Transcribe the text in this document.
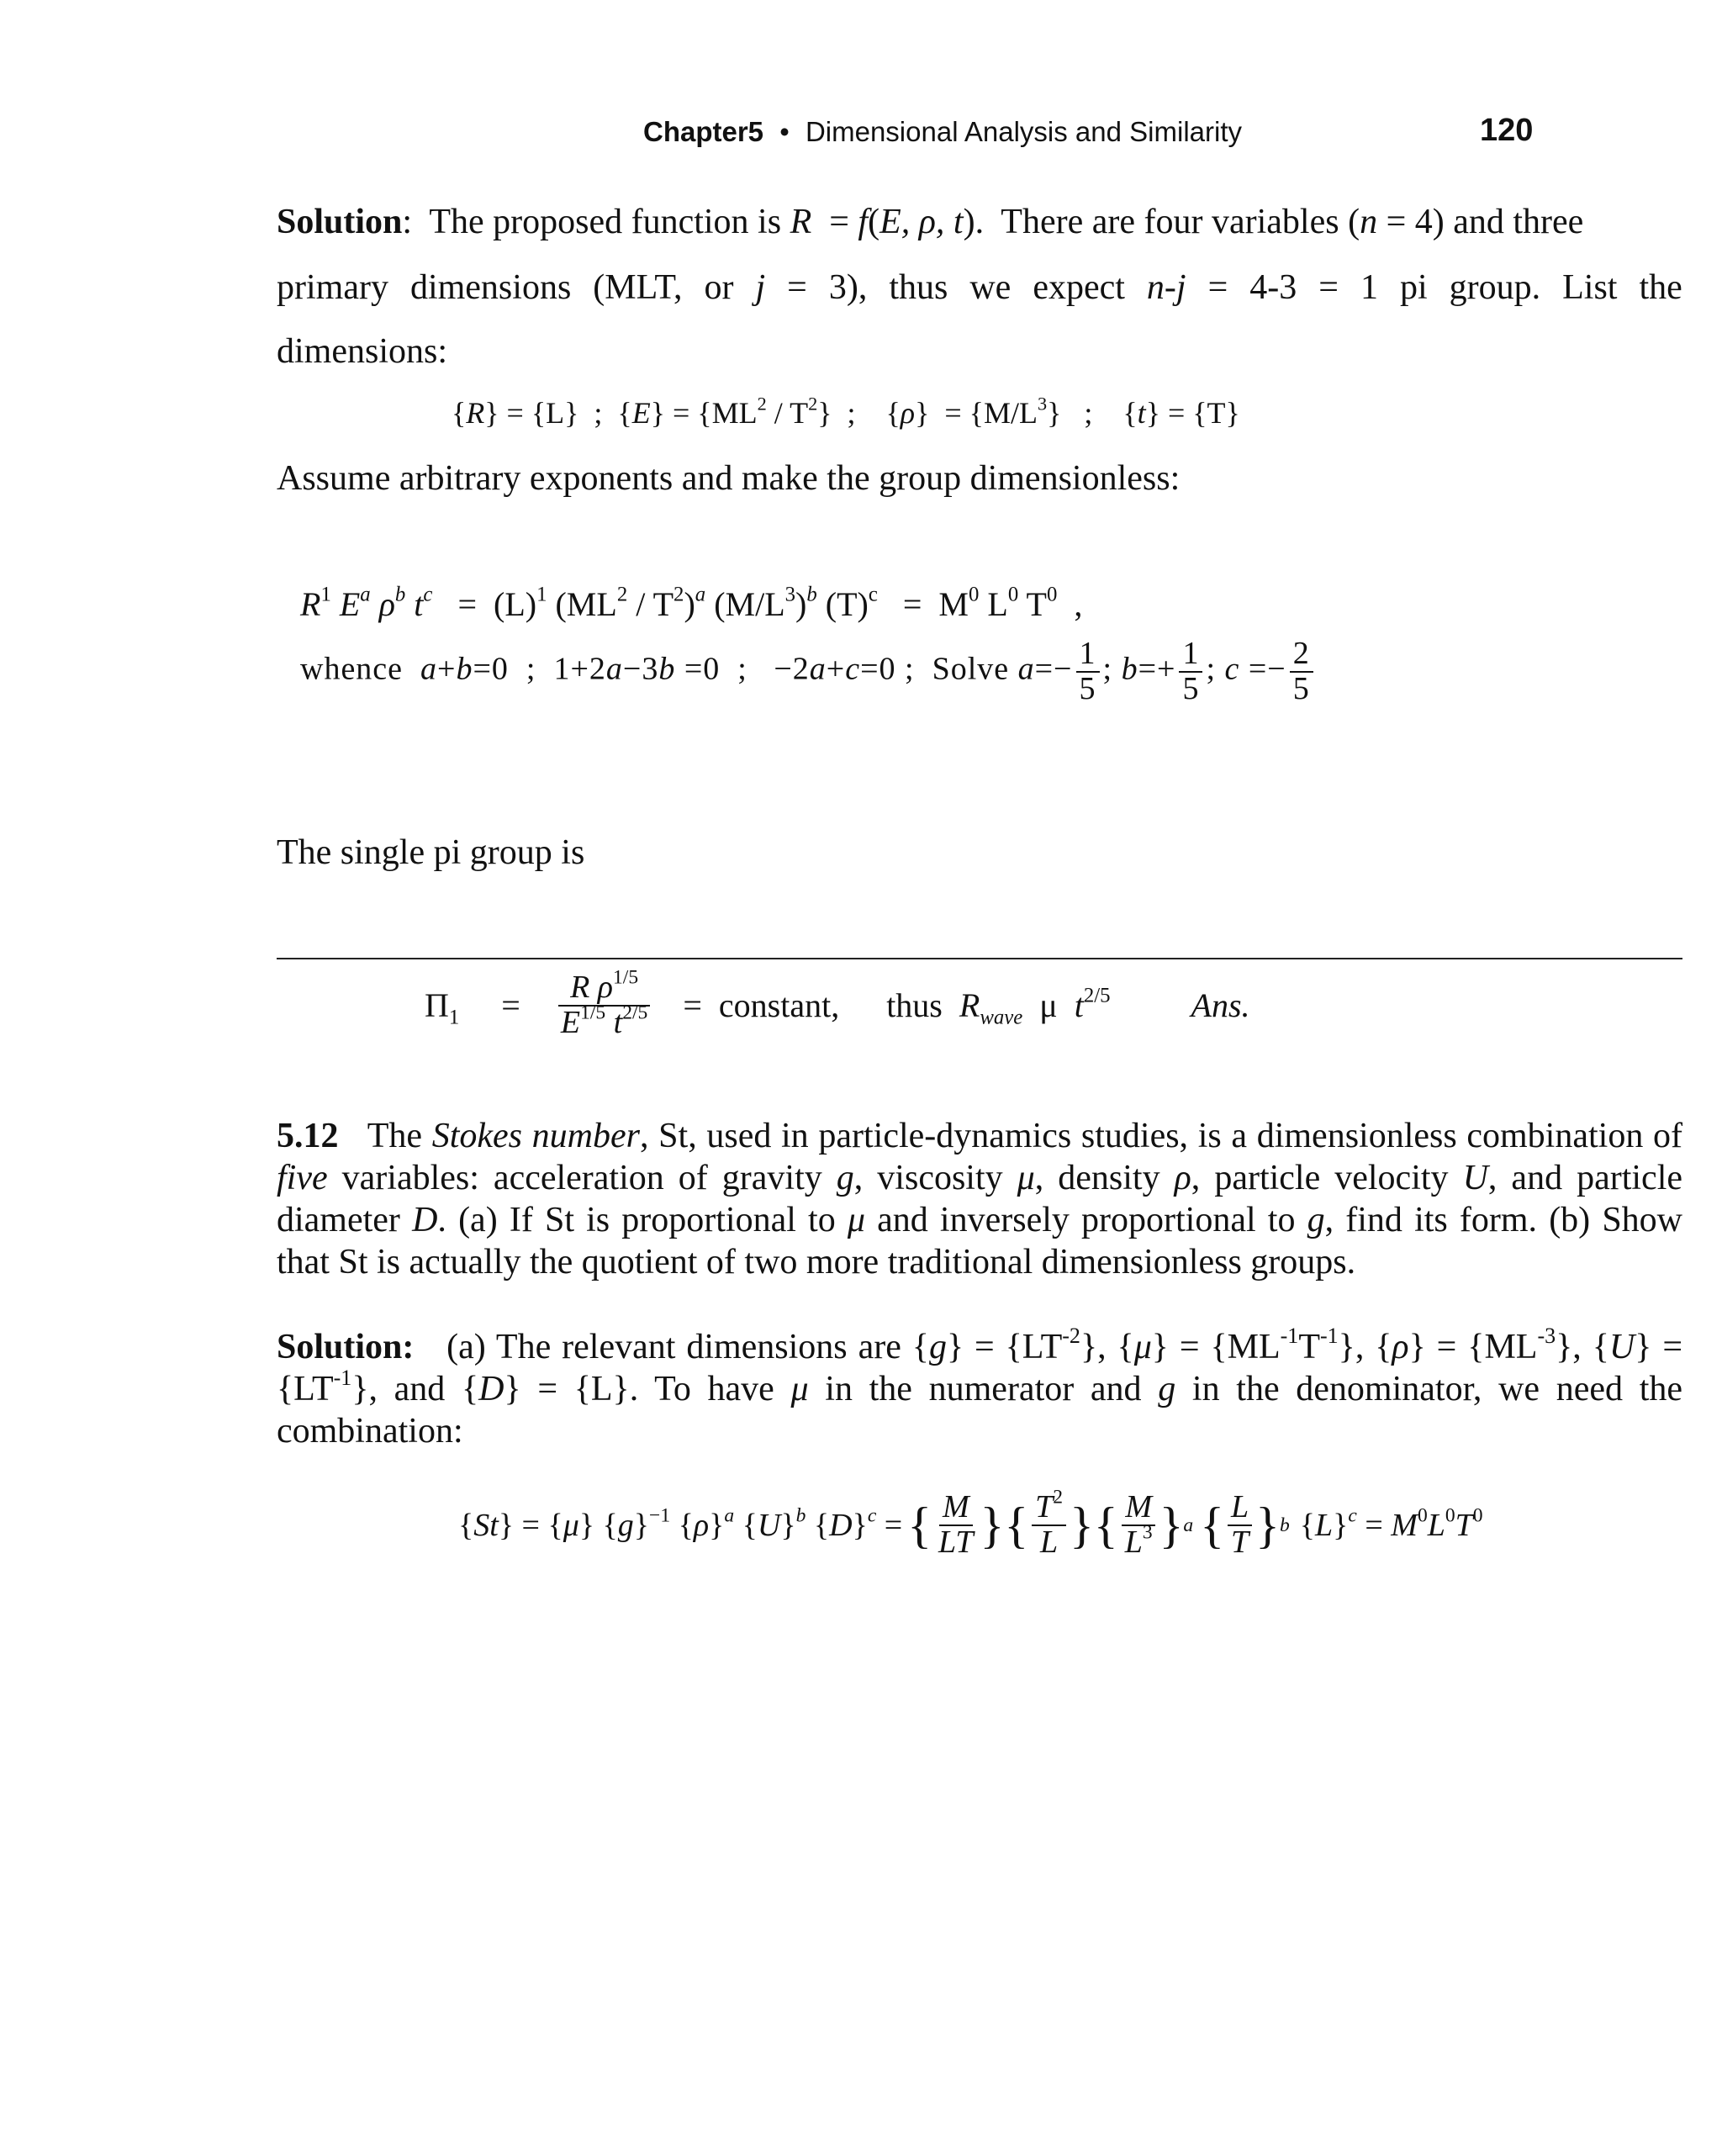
Chapter5 • Dimensional Analysis and Similarity	120
Solution:  The proposed function is R  = f(E, ρ, t).  There are four variables (n = 4) and three
primary dimensions (MLT, or j = 3), thus we expect n-j = 4-3 = 1 pi group. List the
dimensions:
{R} = {L}  ;  $\{E\} = \{ML^2 / T^2\}$  ;    $\{\rho\} = \{M/L^3\}$   ;    {t} = {T}
Assume arbitrary exponents and make the group dimensionless:
$R^1$ $E^a$ $\rho^b$ $t^c = (L)^1$ $(ML^2 / T^2)^a$ $(M/L^3)^b$ $(T)^c = M^0$ $L^0$ $T^0$  ,
whence  a+b=0  ;  1+2a−3b =0  ;   −2a+c=0 ;  Solve $a=- \frac{1}{5}$ ; $b=+ \frac{1}{5}$ ; $c =- \frac{2}{5}$
The single pi group is
$\Pi_1 = \frac{R \rho^{1/5}}{E^{1/5} t^{2/5}}$ =  constant, thus  $R_{wave}$  μ  $t^{2/5}$ Ans.

5.12   The Stokes number, St, used in particle-dynamics studies, is a dimensionless combination of five variables: acceleration of gravity g, viscosity μ, density ρ, particle velocity U, and particle diameter D. (a) If St is proportional to μ and inversely proportional to g, find its form. (b) Show that St is actually the quotient of two more traditional dimensionless groups.

Solution:   (a) The relevant dimensions are $\{g\} = \{LT^{-2}\}$, $\{\mu\} = \{ML^{-1}T^{-1}\}$, $\{\rho\} = \{ML^{-3}\}$, $\{U\} = \{LT^{-1}\}$, and {D} = {L}. To have μ in the numerator and g in the denominator, we need the combination:

{St} = {μ} $\{g\}^{-1}$ $\{\rho\}^a$ $\{U\}^b$ $\{D\}^c$ = { $\frac{M}{LT}$ }{ $\frac{T^2}{L}$ }{ $\frac{M}{L^3}$ } a { $\frac{L}{T}$ } b $\{L\}^c = M^0L^0T^0$
